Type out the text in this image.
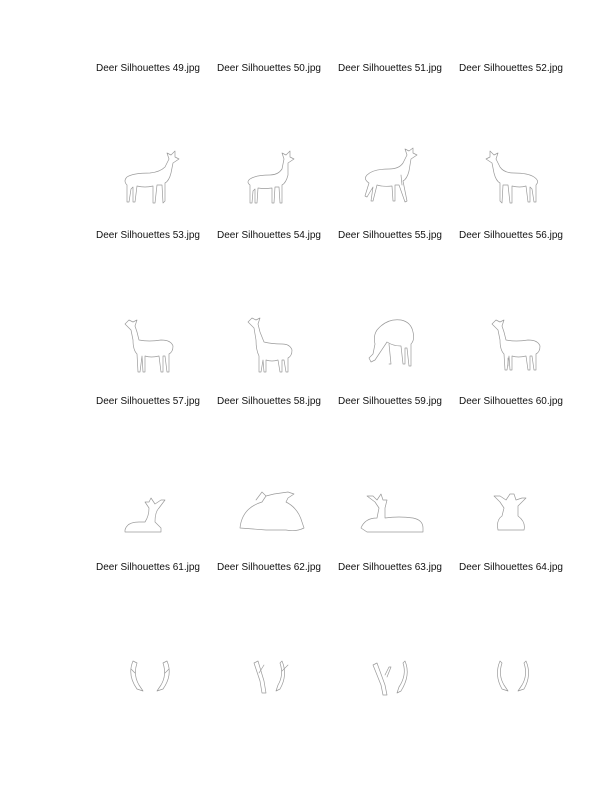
Deer Silhouettes 49.jpg	Deer Silhouettes 50.jpg	Deer Silhouettes 51.jpg	Deer Silhouettes 52.jpg
Deer Silhouettes 53.jpg	Deer Silhouettes 54.jpg	Deer Silhouettes 55.jpg	Deer Silhouettes 56.jpg
Deer Silhouettes 57.jpg	Deer Silhouettes 58.jpg	Deer Silhouettes 59.jpg	Deer Silhouettes 60.jpg
Deer Silhouettes 61.jpg	Deer Silhouettes 62.jpg	Deer Silhouettes 63.jpg	Deer Silhouettes 64.jpg
